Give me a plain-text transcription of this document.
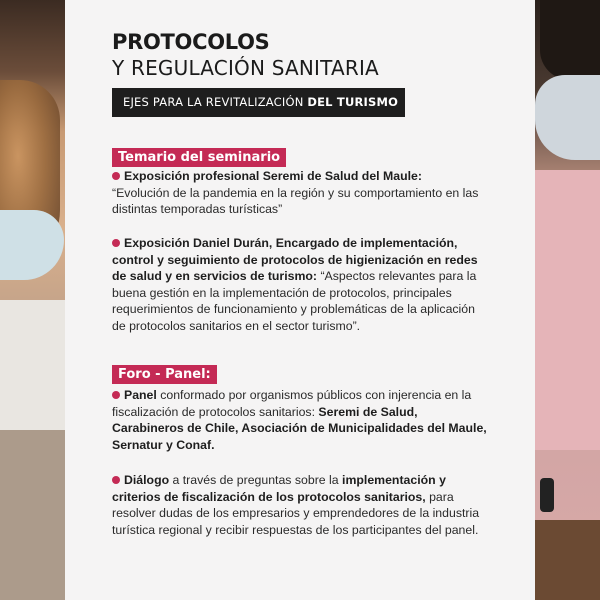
PROTOCOLOS
Y REGULACIÓN SANITARIA
EJES PARA LA REVITALIZACIÓN DEL TURISMO
Temario del seminario
Exposición profesional Seremi de Salud del Maule:
“Evolución de la pandemia en la región y su comportamiento en las distintas temporadas turísticas”
Exposición Daniel Durán, Encargado de implementación, control y seguimiento de protocolos de higienización en redes de salud y en servicios de turismo: “Aspectos relevantes para la buena gestión en la implementación de protocolos, principales requerimientos de funcionamiento y problemáticas de la aplicación de protocolos sanitarios en el sector turismo”.
Foro - Panel:
Panel conformado por organismos públicos con injerencia en la fiscalización de protocolos sanitarios: Seremi de Salud, Carabineros de Chile, Asociación de Municipalidades del Maule, Sernatur y Conaf.
Diálogo a través de preguntas sobre la implementación y criterios de fiscalización de los protocolos sanitarios, para resolver dudas de los empresarios y emprendedores de la industria turística regional y recibir respuestas de los participantes del panel.
